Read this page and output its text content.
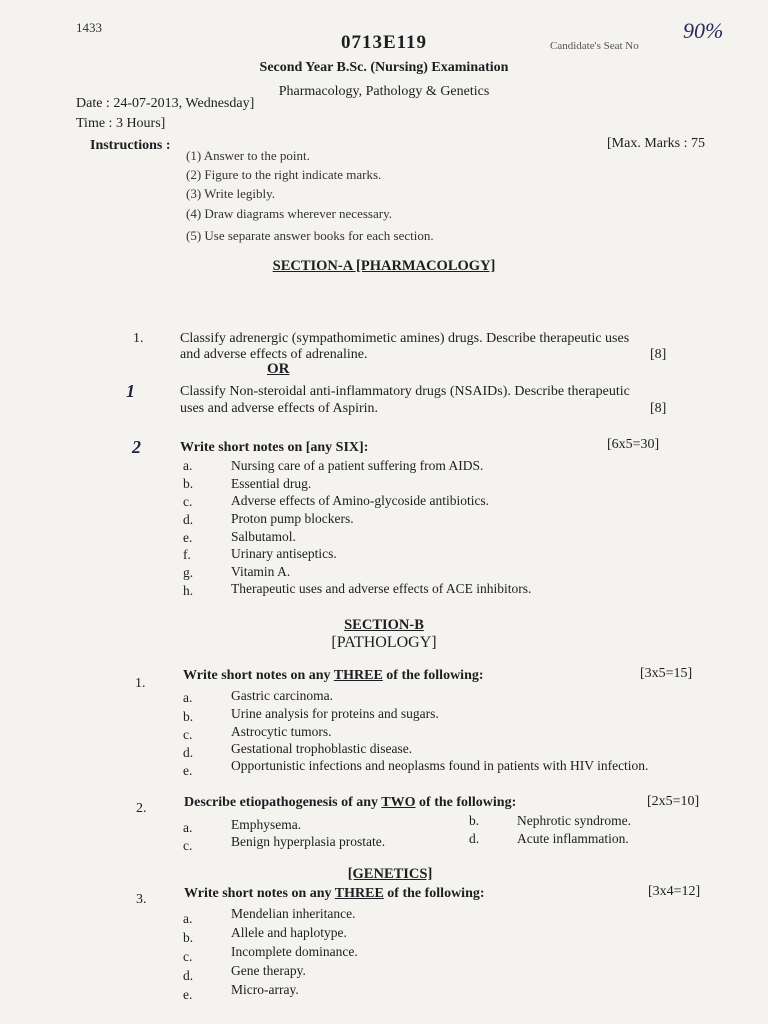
1433
0713E119	Candidate's Seat No
90%
Second Year B.Sc. (Nursing) Examination
Pharmacology, Pathology & Genetics
Date : 24-07-2013, Wednesday]
Time : 3 Hours]
[Max. Marks : 75
Instructions :
(1) Answer to the point.
(2) Figure to the right indicate marks.
(3) Write legibly.
(4) Draw diagrams wherever necessary.
(5) Use separate answer books for each section.
SECTION-A [PHARMACOLOGY]
1.	Classify adrenergic (sympathomimetic amines) drugs. Describe therapeutic uses
and adverse effects of adrenaline.	[8]
OR
1	Classify Non-steroidal anti-inflammatory drugs (NSAIDs). Describe therapeutic
uses and adverse effects of Aspirin.	[8]
2	Write short notes on [any SIX]:	[6x5=30]
a.	Nursing care of a patient suffering from AIDS.
b.	Essential drug.
c.	Adverse effects of Amino-glycoside antibiotics.
d.	Proton pump blockers.
e.	Salbutamol.
f.	Urinary antiseptics.
g.	Vitamin A.
h.	Therapeutic uses and adverse effects of ACE inhibitors.
SECTION-B
[PATHOLOGY]
1.
Write short notes on any THREE of the following:	[3x5=15]
a.	Gastric carcinoma.
b.	Urine analysis for proteins and sugars.
c.	Astrocytic tumors.
d.	Gestational trophoblastic disease.
e.	Opportunistic infections and neoplasms found in patients with HIV infection.
2.	Describe etiopathogenesis of any TWO of the following:	[2x5=10]
a.	Emphysema.	b.	Nephrotic syndrome.
c.	Benign hyperplasia prostate.	d.	Acute inflammation.
[GENETICS]
3.	Write short notes on any THREE of the following:	[3x4=12]
a.	Mendelian inheritance.
b.	Allele and haplotype.
c.	Incomplete dominance.
d.	Gene therapy.
e.	Micro-array.
